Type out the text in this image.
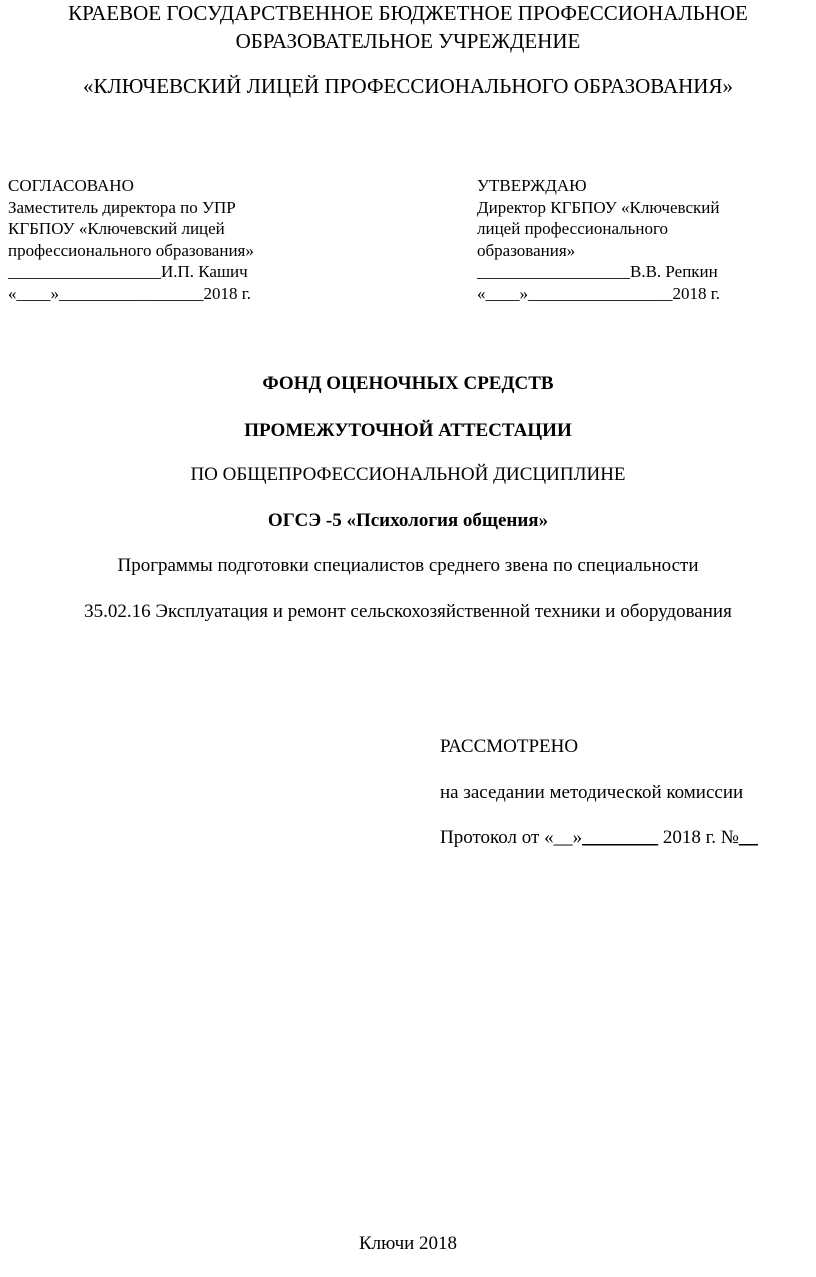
КРАЕВОЕ ГОСУДАРСТВЕННОЕ БЮДЖЕТНОЕ ПРОФЕССИОНАЛЬНОЕ
ОБРАЗОВАТЕЛЬНОЕ УЧРЕЖДЕНИЕ
«КЛЮЧЕВСКИЙ ЛИЦЕЙ ПРОФЕССИОНАЛЬНОГО ОБРАЗОВАНИЯ»
СОГЛАСОВАНО
Заместитель директора по УПР
КГБПОУ «Ключевский лицей
профессионального образования»
__________________И.П. Кашич
«____»_________________2018 г.
УТВЕРЖДАЮ
Директор КГБПОУ «Ключевский
лицей профессионального
образования»
__________________В.В. Репкин
«____»_________________2018 г.
ФОНД ОЦЕНОЧНЫХ СРЕДСТВ
ПРОМЕЖУТОЧНОЙ АТТЕСТАЦИИ
ПО ОБЩЕПРОФЕССИОНАЛЬНОЙ ДИСЦИПЛИНЕ
ОГСЭ -5 «Психология общения»
Программы подготовки специалистов среднего звена по специальности
35.02.16 Эксплуатация и ремонт сельскохозяйственной техники и оборудования
РАССМОТРЕНО
на заседании методической комиссии
Протокол от «__»________ 2018 г. №__
Ключи 2018
